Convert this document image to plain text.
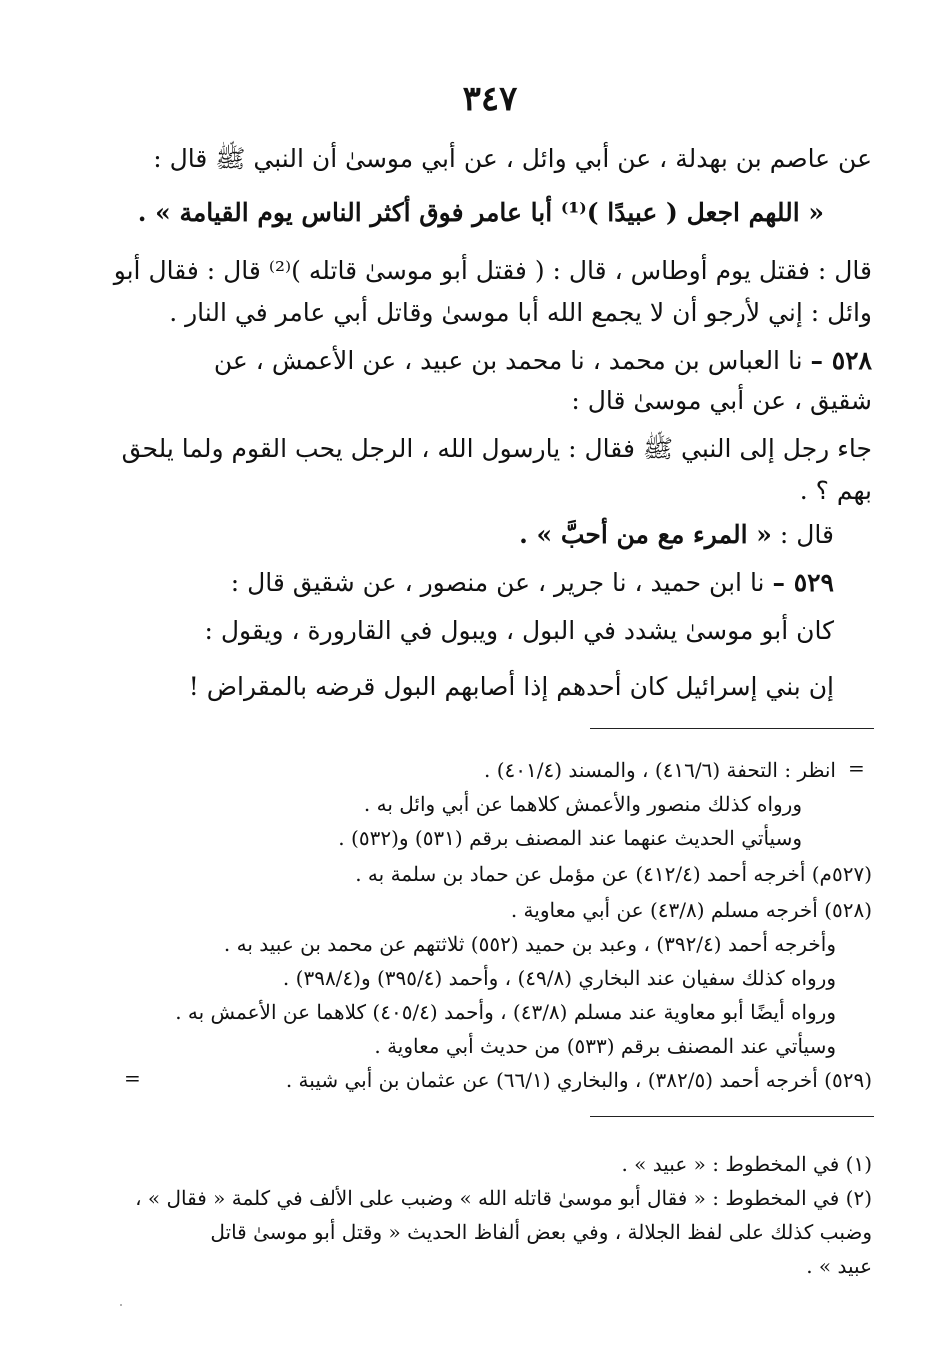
٣٤٧
عن عاصم بن بهدلة ، عن أبي وائل ، عن أبي موسىٰ أن النبي ﷺ قال :
« اللهم اجعل ( عبيدًا )⁽¹⁾ أبا عامر فوق أكثر الناس يوم القيامة » .
قال : فقتل يوم أوطاس ، قال : ( فقتل أبو موسىٰ قاتله )⁽²⁾ قال : فقال أبو
وائل : إني لأرجو أن لا يجمع الله أبا موسىٰ وقاتل أبي عامر في النار .
٥٢٨ – نا العباس بن محمد ، نا محمد بن عبيد ، عن الأعمش ، عن
شقيق ، عن أبي موسىٰ قال :
جاء رجل إلى النبي ﷺ فقال : يارسول الله ، الرجل يحب القوم ولما يلحق
بهم ؟ .
قال : « المرء مع من أحبَّ » .
٥٢٩ – نا ابن حميد ، نا جرير ، عن منصور ، عن شقيق قال :
كان أبو موسىٰ يشدد في البول ، ويبول في القارورة ، ويقول :
إن بني إسرائيل كان أحدهم إذا أصابهم البول قرضه بالمقراض !
=
انظر : التحفة (٤١٦/٦) ، والمسند (٤٠١/٤) .
ورواه كذلك منصور والأعمش كلاهما عن أبي وائل به .
وسيأتي الحديث عنهما عند المصنف برقم (٥٣١) و(٥٣٢) .
(٥٢٧م) أخرجه أحمد (٤١٢/٤) عن مؤمل عن حماد بن سلمة به .
(٥٢٨) أخرجه مسلم (٤٣/٨) عن أبي معاوية .
وأخرجه أحمد (٣٩٢/٤) ، وعبد بن حميد (٥٥٢) ثلاثتهم عن محمد بن عبيد به .
ورواه كذلك سفيان عند البخاري (٤٩/٨) ، وأحمد (٣٩٥/٤) و(٣٩٨/٤) .
ورواه أيضًا أبو معاوية عند مسلم (٤٣/٨) ، وأحمد (٤٠٥/٤) كلاهما عن الأعمش به .
وسيأتي عند المصنف برقم (٥٣٣) من حديث أبي معاوية .
(٥٢٩) أخرجه أحمد (٣٨٢/٥) ، والبخاري (٦٦/١) عن عثمان بن أبي شيبة .
=
(١) في المخطوط : « عبيد » .
(٢) في المخطوط : « فقال أبو موسىٰ قاتله الله » وضبب على الألف في كلمة « فقال » ،
وضبب كذلك على لفظ الجلالة ، وفي بعض ألفاظ الحديث « وقتل أبو موسىٰ قاتل
عبيد » .
